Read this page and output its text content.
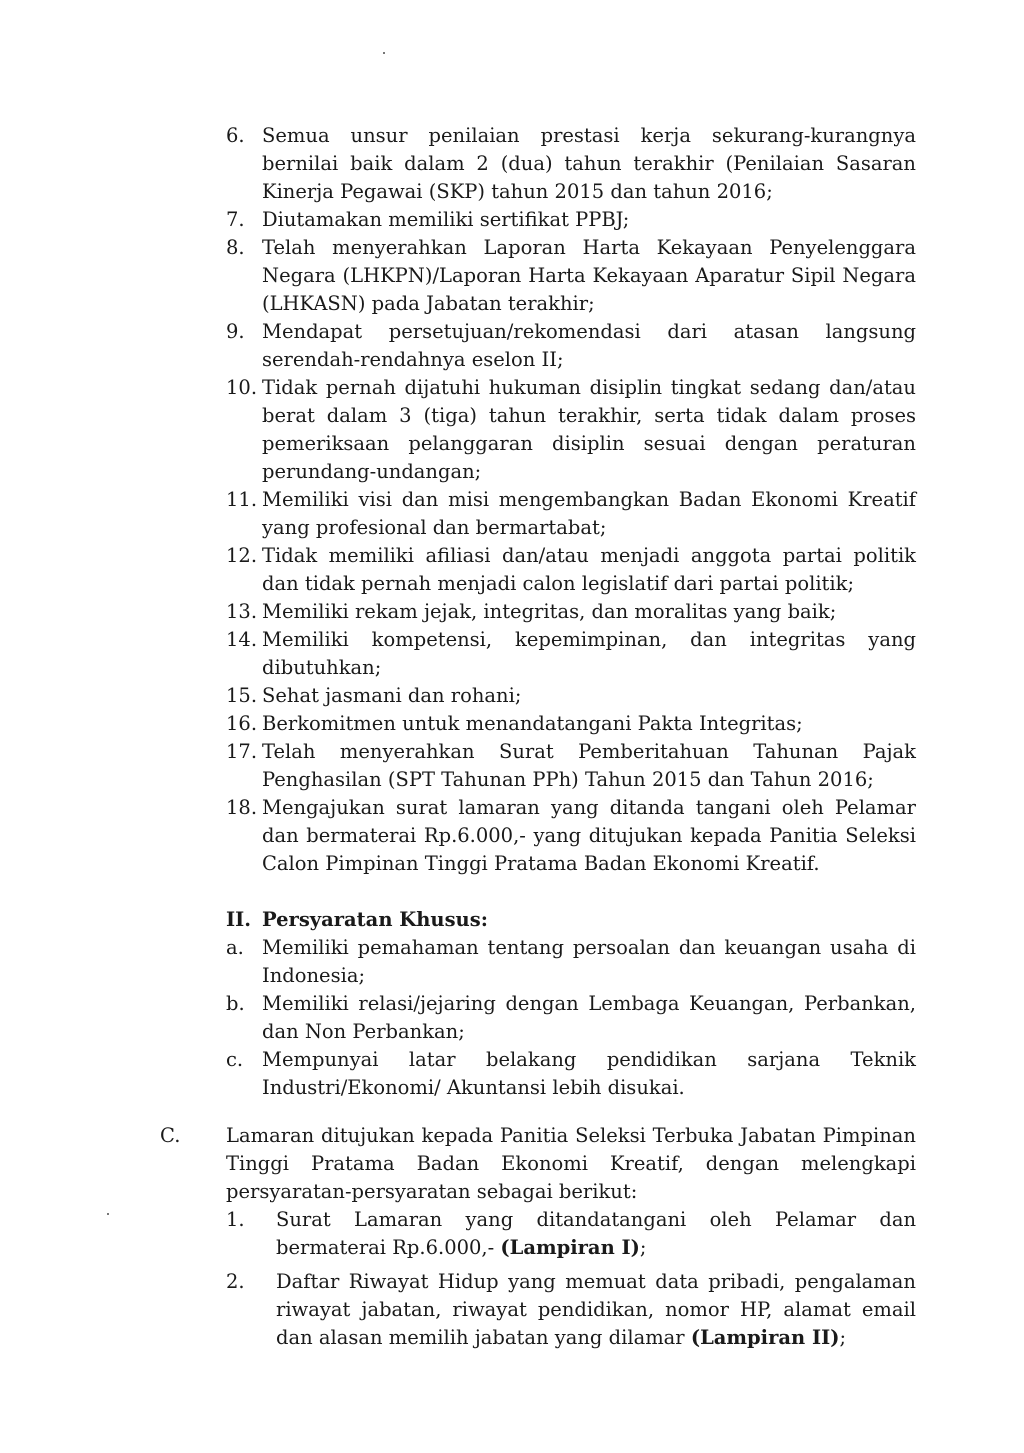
6. Semua unsur penilaian prestasi kerja sekurang-kurangnya bernilai baik dalam 2 (dua) tahun terakhir (Penilaian Sasaran Kinerja Pegawai (SKP) tahun 2015 dan tahun 2016;
7. Diutamakan memiliki sertifikat PPBJ;
8. Telah menyerahkan Laporan Harta Kekayaan Penyelenggara Negara (LHKPN)/Laporan Harta Kekayaan Aparatur Sipil Negara (LHKASN) pada Jabatan terakhir;
9. Mendapat persetujuan/rekomendasi dari atasan langsung serendah-rendahnya eselon II;
10. Tidak pernah dijatuhi hukuman disiplin tingkat sedang dan/atau berat dalam 3 (tiga) tahun terakhir, serta tidak dalam proses pemeriksaan pelanggaran disiplin sesuai dengan peraturan perundang-undangan;
11. Memiliki visi dan misi mengembangkan Badan Ekonomi Kreatif yang profesional dan bermartabat;
12. Tidak memiliki afiliasi dan/atau menjadi anggota partai politik dan tidak pernah menjadi calon legislatif dari partai politik;
13. Memiliki rekam jejak, integritas, dan moralitas yang baik;
14. Memiliki kompetensi, kepemimpinan, dan integritas yang dibutuhkan;
15. Sehat jasmani dan rohani;
16. Berkomitmen untuk menandatangani Pakta Integritas;
17. Telah menyerahkan Surat Pemberitahuan Tahunan Pajak Penghasilan (SPT Tahunan PPh) Tahun 2015 dan Tahun 2016;
18. Mengajukan surat lamaran yang ditanda tangani oleh Pelamar dan bermaterai Rp.6.000,- yang ditujukan kepada Panitia Seleksi Calon Pimpinan Tinggi Pratama Badan Ekonomi Kreatif.
II. Persyaratan Khusus:
a. Memiliki pemahaman tentang persoalan dan keuangan usaha di Indonesia;
b. Memiliki relasi/jejaring dengan Lembaga Keuangan, Perbankan, dan Non Perbankan;
c. Mempunyai latar belakang pendidikan sarjana Teknik Industri/Ekonomi/ Akuntansi lebih disukai.
C.	Lamaran ditujukan kepada Panitia Seleksi Terbuka Jabatan Pimpinan Tinggi Pratama Badan Ekonomi Kreatif, dengan melengkapi persyaratan-persyaratan sebagai berikut:
1.	Surat Lamaran yang ditandatangani oleh Pelamar dan bermaterai Rp.6.000,- (Lampiran I);
2.	Daftar Riwayat Hidup yang memuat data pribadi, pengalaman riwayat jabatan, riwayat pendidikan, nomor HP, alamat email dan alasan memilih jabatan yang dilamar (Lampiran II);
